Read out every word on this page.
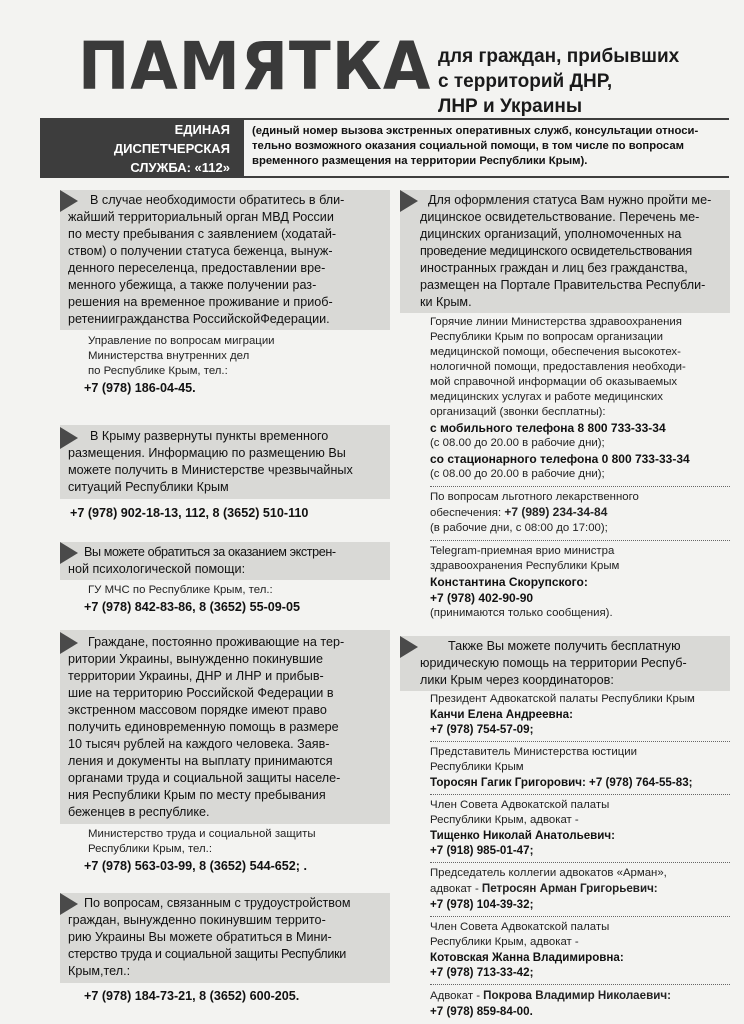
ПАМЯТКА для граждан, прибывших
с территорий ДНР,
ЛНР и Украины
ЕДИНАЯ
ДИСПЕТЧЕРСКАЯ
СЛУЖБА: «112»
(единый номер вызова экстренных оперативных служб, консультации относи-
тельно возможного оказания социальной помощи, в том числе по вопросам
временного размещения на территории Республики Крым).
В случае необходимости обратитесь в бли-
жайший территориальный орган МВД России
по месту пребывания с заявлением (ходатай-
ством) о получении статуса беженца, вынуж-
денного переселенца, предоставлении вре-
менного убежища, а также получении раз-
решения на временное проживание и приоб-
ретениигражданства РоссийскойФедерации.
Управление по вопросам миграции
Министерства внутренних дел
по Республике Крым, тел.:
+7 (978) 186-04-45.
В Крыму развернуты пункты временного
размещения. Информацию по размещению Вы
можете получить в Министерстве чрезвычайных
ситуаций Республики Крым
+7 (978) 902-18-13, 112, 8 (3652) 510-110
Вы можете обратиться за оказанием экстрен-
ной психологической помощи:
ГУ МЧС по Республике Крым, тел.:
+7 (978) 842-83-86, 8 (3652) 55-09-05
Граждане, постоянно проживающие на тер-
ритории Украины, вынужденно покинувшие
территории Украины, ДНР и ЛНР и прибыв-
шие на территорию Российской Федерации в
экстренном массовом порядке имеют право
получить единовременную помощь в размере
10 тысяч рублей на каждого человека. Заяв-
ления и документы на выплату принимаются
органами труда и социальной защиты населе-
ния Республики Крым по месту пребывания
беженцев в республике.
Министерство труда и социальной защиты
Республики Крым, тел.:
+7 (978) 563-03-99, 8 (3652) 544-652; .
По вопросам, связанным с трудоустройством
граждан, вынужденно покинувшим террито-
рию Украины Вы можете обратиться в Мини-
стерство труда и социальной защиты Республики
Крым,тел.:
+7 (978) 184-73-21, 8 (3652) 600-205.
Для оформления статуса Вам нужно пройти ме-
дицинское освидетельствование. Перечень ме-
дицинских организаций, уполномоченных на
проведение медицинского освидетельствования
иностранных граждан и лиц без гражданства,
размещен на Портале Правительства Республи-
ки Крым.
Горячие линии Министерства здравоохранения
Республики Крым по вопросам организации
медицинской помощи, обеспечения высокотех-
нологичной помощи, предоставления необходи-
мой справочной информации об оказываемых
медицинских услугах и работе медицинских
организаций (звонки бесплатны):
с мобильного телефона 8 800 733-33-34
(с 08.00 до 20.00 в рабочие дни);
со стационарного телефона 0 800 733-33-34
(с 08.00 до 20.00 в рабочие дни);
По вопросам льготного лекарственного
обеспечения: +7 (989) 234-34-84
(в рабочие дни, с 08:00 до 17:00);
Telegram-приемная врио министра
здравоохранения Республики Крым
Константина Скорупского:
+7 (978) 402-90-90
(принимаются только сообщения).
Также Вы можете получить бесплатную
юридическую помощь на территории Респуб-
лики Крым через координаторов:
Президент Адвокатской палаты Республики Крым
Канчи Елена Андреевна:
+7 (978) 754-57-09;
Представитель Министерства юстиции
Республики Крым
Торосян Гагик Григорович: +7 (978) 764-55-83;
Член Совета Адвокатской палаты
Республики Крым, адвокат -
Тищенко Николай Анатольевич:
+7 (918) 985-01-47;
Председатель коллегии адвокатов «Арман»,
адвокат - Петросян Арман Григорьевич:
+7 (978) 104-39-32;
Член Совета Адвокатской палаты
Республики Крым, адвокат -
Котовская Жанна Владимировна:
+7 (978) 713-33-42;
Адвокат - Покрова Владимир Николаевич:
+7 (978) 859-84-00.
